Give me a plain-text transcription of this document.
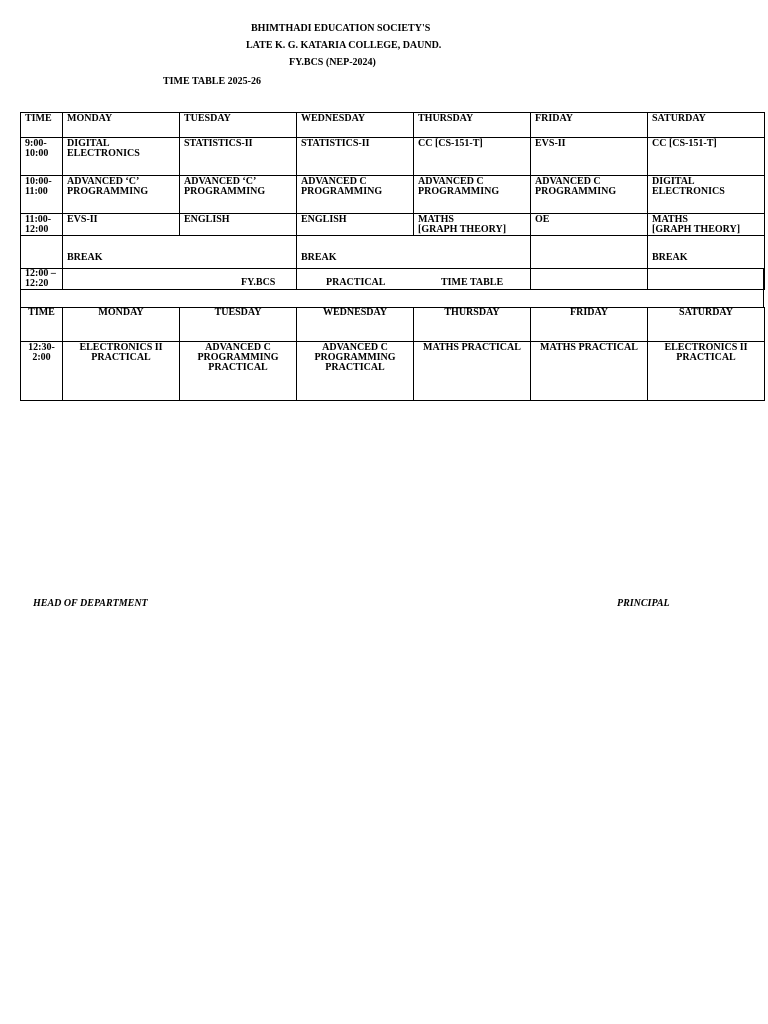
BHIMTHADI EDUCATION SOCIETY'S
LATE K. G. KATARIA COLLEGE, DAUND.
FY.BCS (NEP-2024)
TIME TABLE 2025-26
TIME	MONDAY	TUESDAY	WEDNESDAY	THURSDAY	FRIDAY	SATURDAY
9:00-
10:00	DIGITAL
ELECTRONICS	STATISTICS-II	STATISTICS-II	CC [CS-151-T]	EVS-II	CC [CS-151-T]
10:00-
11:00	ADVANCED ‘C’
PROGRAMMING	ADVANCED ‘C’
PROGRAMMING	ADVANCED C
PROGRAMMING	ADVANCED C
PROGRAMMING	ADVANCED C
PROGRAMMING	DIGITAL
ELECTRONICS
11:00-
12:00	EVS-II	ENGLISH	ENGLISH	MATHS
[GRAPH THEORY]	OE	MATHS
[GRAPH THEORY]
12:00 –
12:20	BREAK		BREAK			BREAK
FY.BCS	PRACTICAL	TIME TABLE
TIME	MONDAY	TUESDAY	WEDNESDAY	THURSDAY	FRIDAY	SATURDAY
12:30-
2:00	ELECTRONICS II
PRACTICAL	ADVANCED C
PROGRAMMING
PRACTICAL	ADVANCED C
PROGRAMMING
PRACTICAL	MATHS PRACTICAL	MATHS PRACTICAL	ELECTRONICS II
PRACTICAL
HEAD OF DEPARTMENT	PRINCIPAL
